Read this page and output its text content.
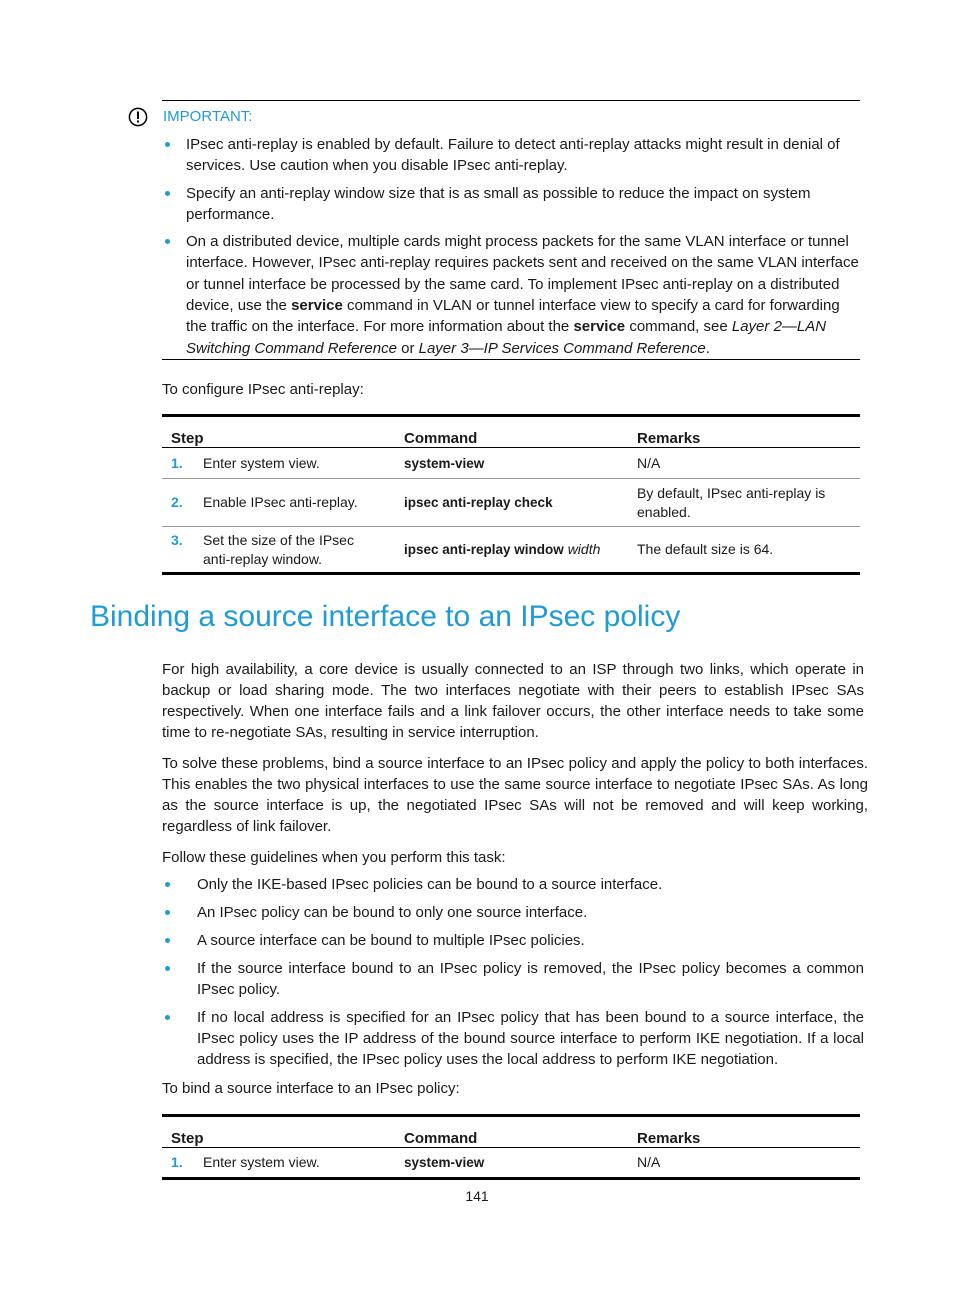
IMPORTANT:
IPsec anti-replay is enabled by default. Failure to detect anti-replay attacks might result in denial of services. Use caution when you disable IPsec anti-replay.
Specify an anti-replay window size that is as small as possible to reduce the impact on system performance.
On a distributed device, multiple cards might process packets for the same VLAN interface or tunnel interface. However, IPsec anti-replay requires packets sent and received on the same VLAN interface or tunnel interface be processed by the same card. To implement IPsec anti-replay on a distributed device, use the service command in VLAN or tunnel interface view to specify a card for forwarding the traffic on the interface. For more information about the service command, see Layer 2—LAN Switching Command Reference or Layer 3—IP Services Command Reference.
To configure IPsec anti-replay:
Step	Command	Remarks

1. Enter system view.	system-view	N/A

2. Enable IPsec anti-replay.	ipsec anti-replay check	By default, IPsec anti-replay is enabled.

3. Set the size of the IPsec anti-replay window.	ipsec anti-replay window width	The default size is 64.
Binding a source interface to an IPsec policy
For high availability, a core device is usually connected to an ISP through two links, which operate in backup or load sharing mode. The two interfaces negotiate with their peers to establish IPsec SAs respectively. When one interface fails and a link failover occurs, the other interface needs to take some time to re-negotiate SAs, resulting in service interruption.
To solve these problems, bind a source interface to an IPsec policy and apply the policy to both interfaces. This enables the two physical interfaces to use the same source interface to negotiate IPsec SAs. As long as the source interface is up, the negotiated IPsec SAs will not be removed and will keep working, regardless of link failover.
Follow these guidelines when you perform this task:
Only the IKE-based IPsec policies can be bound to a source interface.
An IPsec policy can be bound to only one source interface.
A source interface can be bound to multiple IPsec policies.
If the source interface bound to an IPsec policy is removed, the IPsec policy becomes a common IPsec policy.
If no local address is specified for an IPsec policy that has been bound to a source interface, the IPsec policy uses the IP address of the bound source interface to perform IKE negotiation. If a local address is specified, the IPsec policy uses the local address to perform IKE negotiation.
To bind a source interface to an IPsec policy:
Step	Command	Remarks

1. Enter system view.	system-view	N/A
141
